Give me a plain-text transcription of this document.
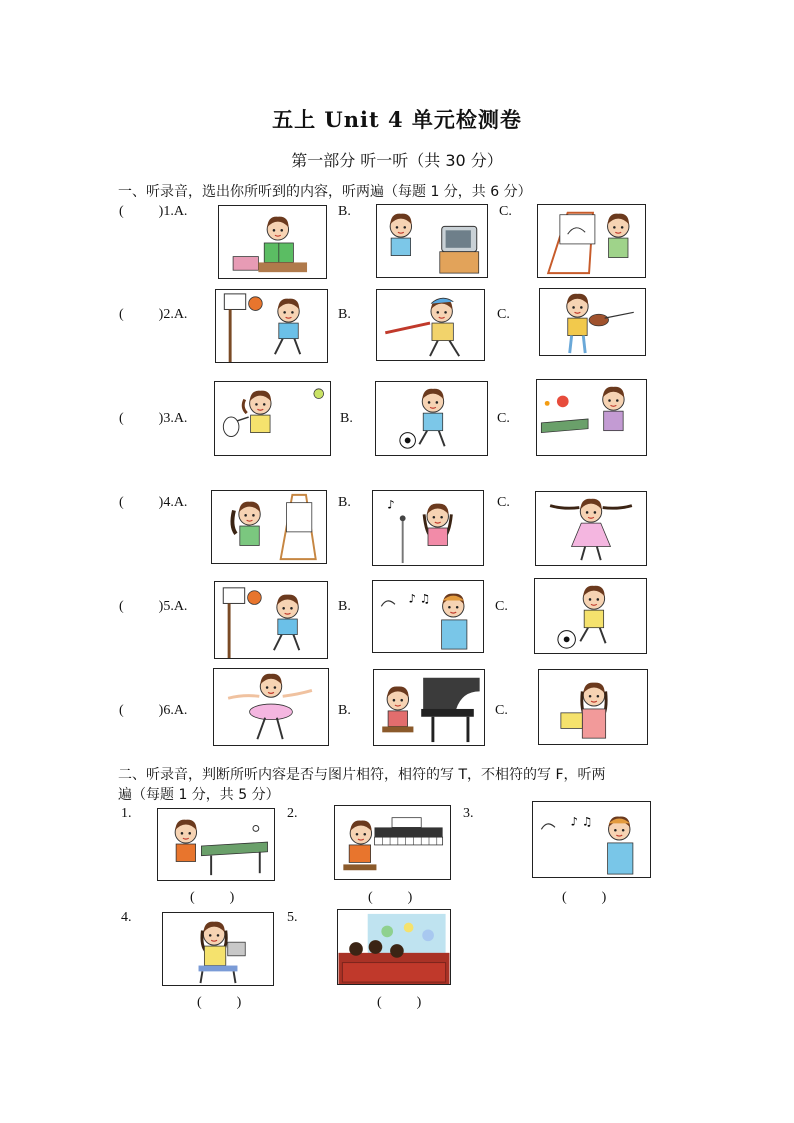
五上 Unit 4 单元检测卷
第一部分 听一听（共 30 分）
一、听录音，选出你所听到的内容，听两遍（每题 1 分，共 6 分）
(          )1.A.	B.	C.
(          )2.A.	B.	C.
(          )3.A.	B.	C.
(          )4.A.	B.	C.
(          )5.A.	B.	C.
(          )6.A.	B.	C.
♪
♪ ♫
二、听录音，判断所听内容是否与图片相符，相符的写 T，不相符的写 F，听两
遍（每题 1 分，共 5 分）
1.	2.	3.
♪ ♫
(          )	(          )	(          )
4.	5.
(          )	(          )
